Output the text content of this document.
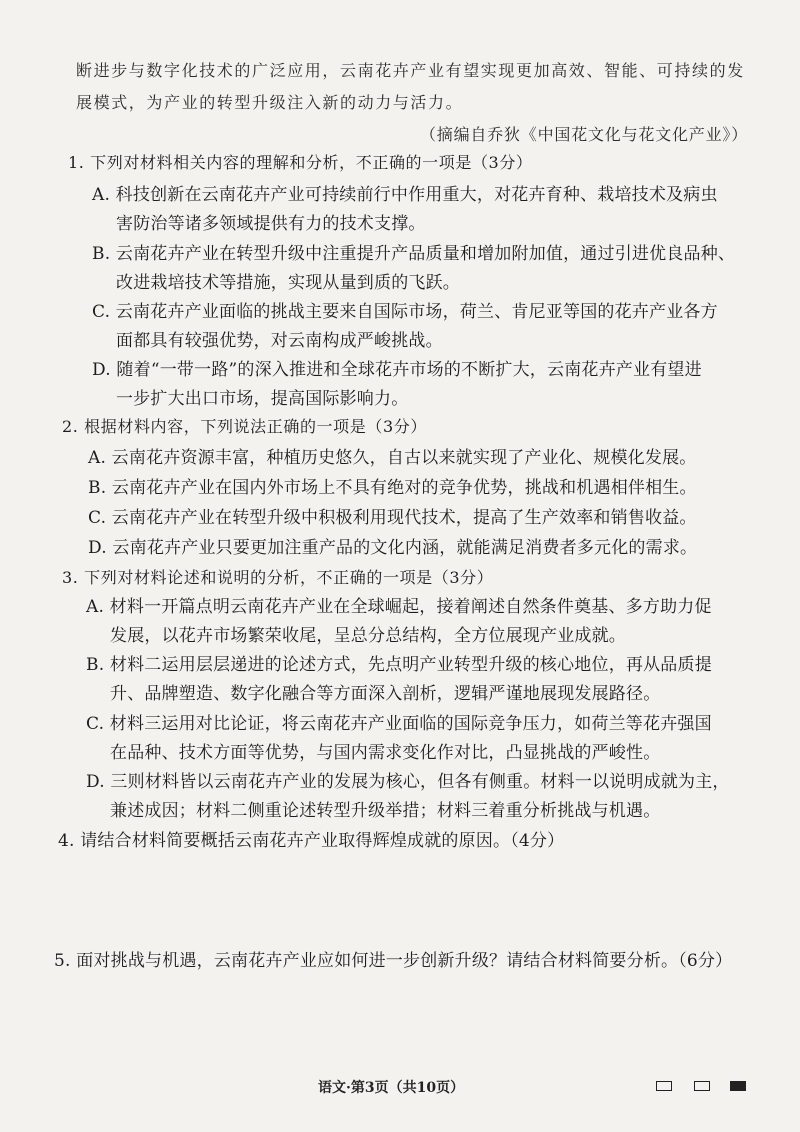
断进步与数字化技术的广泛应用，云南花卉产业有望实现更加高效、智能、可持续的发
展模式，为产业的转型升级注入新的动力与活力。
（摘编自乔狄《中国花文化与花文化产业》）
1. 下列对材料相关内容的理解和分析，不正确的一项是（3分）
A. 科技创新在云南花卉产业可持续前行中作用重大，对花卉育种、栽培技术及病虫
害防治等诸多领域提供有力的技术支撑。
B. 云南花卉产业在转型升级中注重提升产品质量和增加附加值，通过引进优良品种、
改进栽培技术等措施，实现从量到质的飞跃。
C. 云南花卉产业面临的挑战主要来自国际市场，荷兰、肯尼亚等国的花卉产业各方
面都具有较强优势，对云南构成严峻挑战。
D. 随着“一带一路”的深入推进和全球花卉市场的不断扩大，云南花卉产业有望进
一步扩大出口市场，提高国际影响力。
2. 根据材料内容，下列说法正确的一项是（3分）
A. 云南花卉资源丰富，种植历史悠久，自古以来就实现了产业化、规模化发展。
B. 云南花卉产业在国内外市场上不具有绝对的竞争优势，挑战和机遇相伴相生。
C. 云南花卉产业在转型升级中积极利用现代技术，提高了生产效率和销售收益。
D. 云南花卉产业只要更加注重产品的文化内涵，就能满足消费者多元化的需求。
3. 下列对材料论述和说明的分析，不正确的一项是（3分）
A. 材料一开篇点明云南花卉产业在全球崛起，接着阐述自然条件奠基、多方助力促
发展，以花卉市场繁荣收尾，呈总分总结构，全方位展现产业成就。
B. 材料二运用层层递进的论述方式，先点明产业转型升级的核心地位，再从品质提
升、品牌塑造、数字化融合等方面深入剖析，逻辑严谨地展现发展路径。
C. 材料三运用对比论证，将云南花卉产业面临的国际竞争压力，如荷兰等花卉强国
在品种、技术方面等优势，与国内需求变化作对比，凸显挑战的严峻性。
D. 三则材料皆以云南花卉产业的发展为核心，但各有侧重。材料一以说明成就为主，
兼述成因；材料二侧重论述转型升级举措；材料三着重分析挑战与机遇。
4. 请结合材料简要概括云南花卉产业取得辉煌成就的原因。（4分）
5. 面对挑战与机遇，云南花卉产业应如何进一步创新升级？请结合材料简要分析。（6分）
语文·第3页（共10页）
